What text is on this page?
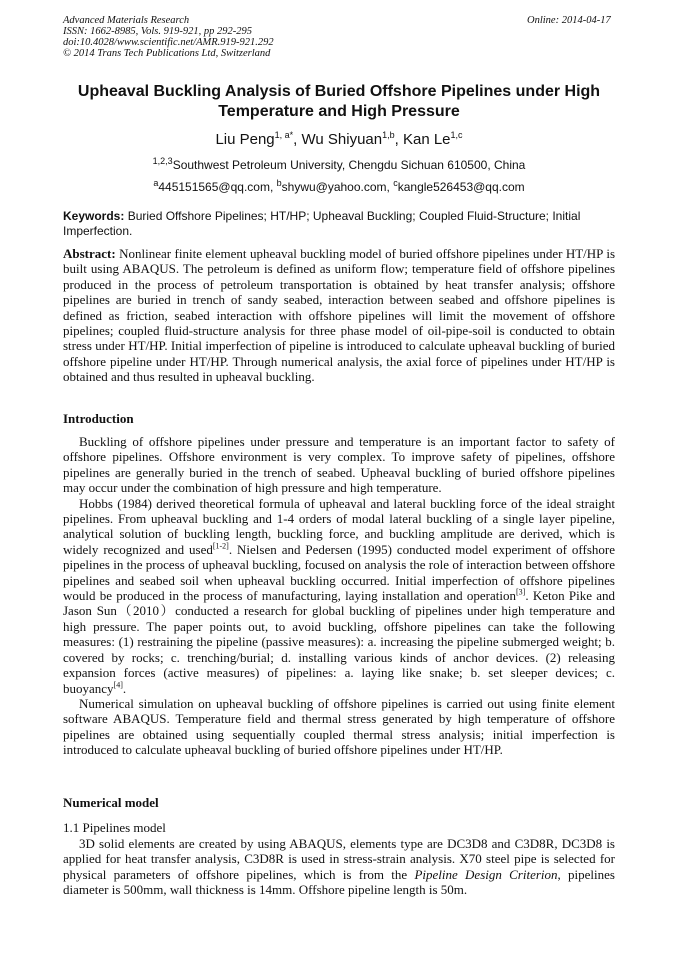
Advanced Materials Research
ISSN: 1662-8985, Vols. 919-921, pp 292-295
doi:10.4028/www.scientific.net/AMR.919-921.292
© 2014 Trans Tech Publications Ltd, Switzerland
Online: 2014-04-17
Upheaval Buckling Analysis of Buried Offshore Pipelines under High Temperature and High Pressure
Liu Peng$^{1, a*}$, Wu Shiyuan$^{1,b}$, Kan Le$^{1,c}$
$^{1,2,3}$Southwest Petroleum University, Chengdu Sichuan 610500, China
$^a$445151565@qq.com, $^b$shywu@yahoo.com, $^c$kangle526453@qq.com
Keywords: Buried Offshore Pipelines; HT/HP; Upheaval Buckling; Coupled Fluid-Structure; Initial Imperfection.

Abstract: Nonlinear finite element upheaval buckling model of buried offshore pipelines under HT/HP is built using ABAQUS. The petroleum is defined as uniform flow; temperature field of offshore pipelines produced in the process of petroleum transportation is obtained by heat transfer analysis; offshore pipelines are buried in trench of sandy seabed, interaction between seabed and offshore pipelines is defined as friction, seabed interaction with offshore pipelines will limit the movement of offshore pipelines; coupled fluid-structure analysis for three phase model of oil-pipe-soil is conducted to obtain stress under HT/HP. Initial imperfection of pipeline is introduced to calculate upheaval buckling of buried offshore pipeline under HT/HP. Through numerical analysis, the axial force of pipelines under HT/HP is obtained and thus resulted in upheaval buckling.

Introduction

Buckling of offshore pipelines under pressure and temperature is an important factor to safety of offshore pipelines. Offshore environment is very complex. To improve safety of pipelines, offshore pipelines are generally buried in the trench of seabed. Upheaval buckling of buried offshore pipelines may occur under the combination of high pressure and high temperature.

Hobbs (1984) derived theoretical formula of upheaval and lateral buckling force of the ideal straight pipelines. From upheaval buckling and 1-4 orders of modal lateral buckling of a single layer pipeline, analytical solution of buckling length, buckling force, and buckling amplitude are derived, which is widely recognized and used[1-2]. Nielsen and Pedersen (1995) conducted model experiment of offshore pipelines in the process of upheaval buckling, focused on analysis the role of interaction between offshore pipelines and seabed soil when upheaval buckling occurred. Initial imperfection of offshore pipelines would be produced in the process of manufacturing, laying installation and operation[3]. Keton Pike and Jason Sun（2010）conducted a research for global buckling of pipelines under high temperature and high pressure. The paper points out, to avoid buckling, offshore pipelines can take the following measures: (1) restraining the pipeline (passive measures): a. increasing the pipeline submerged weight; b. covered by rocks; c. trenching/burial; d. installing various kinds of anchor devices. (2) releasing expansion forces (active measures) of pipelines: a. laying like snake; b. set sleeper devices; c. buoyancy[4].

Numerical simulation on upheaval buckling of offshore pipelines is carried out using finite element software ABAQUS. Temperature field and thermal stress generated by high temperature of offshore pipelines are obtained using sequentially coupled thermal stress analysis; initial imperfection is introduced to calculate upheaval buckling of buried offshore pipelines under HT/HP.

Numerical model
1.1 Pipelines model

3D solid elements are created by using ABAQUS, elements type are DC3D8 and C3D8R, DC3D8 is applied for heat transfer analysis, C3D8R is used in stress-strain analysis. X70 steel pipe is selected for physical parameters of offshore pipelines, which is from the Pipeline Design Criterion, pipelines diameter is 500mm, wall thickness is 14mm. Offshore pipeline length is 50m.
